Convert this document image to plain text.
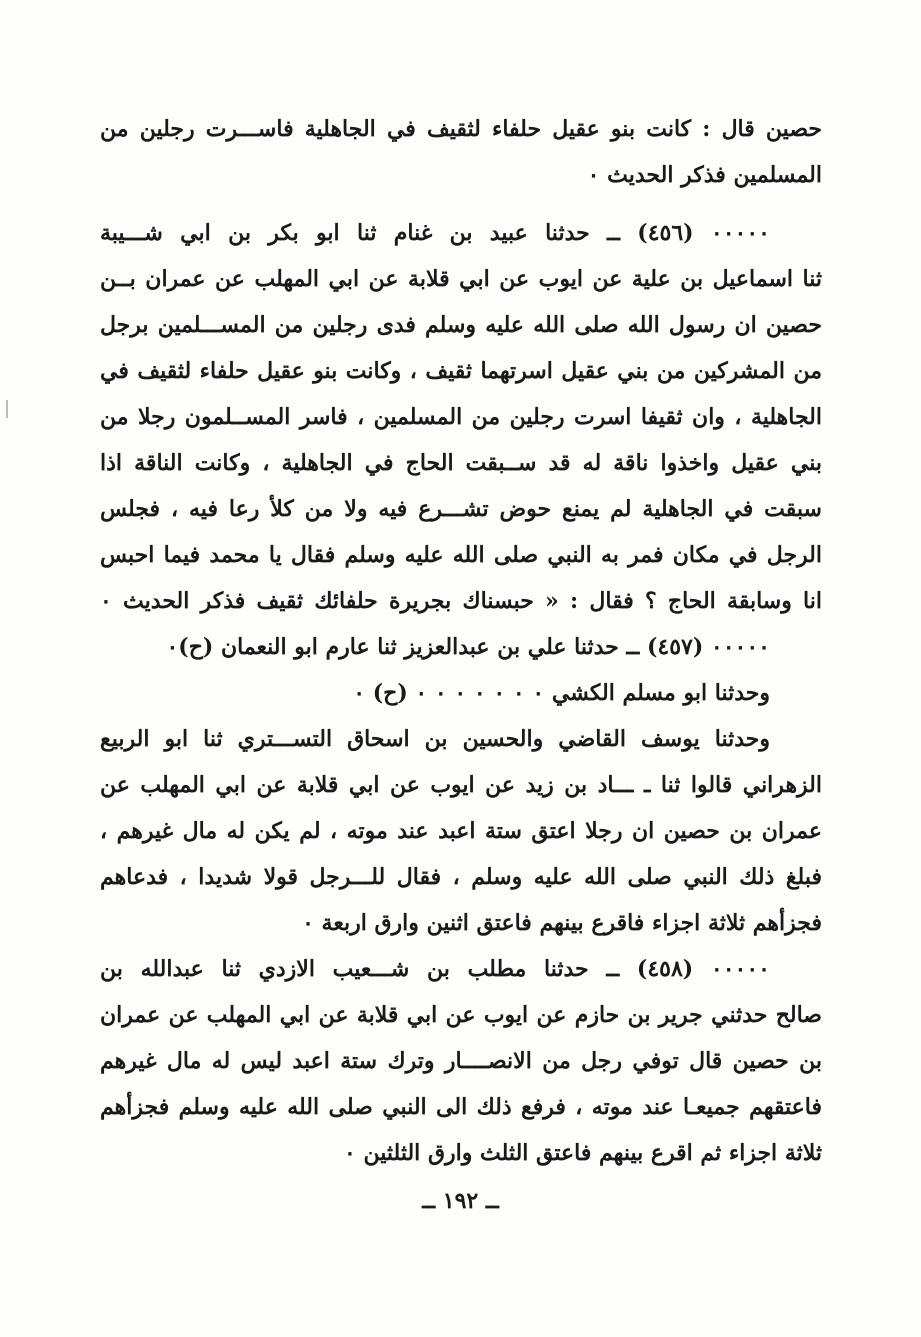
حصين قال : كانت بنو عقيل حلفاء لثقيف في الجاهلية فاســـرت رجلين من
المسلمين فذكر الحديث ٠
٠٠٠٠٠ (٤٥٦) ــ حدثنا عبيد بن غنام ثنا ابو بكر بن ابي شـــيبة
ثنا اسماعيل بن علية عن ايوب عن ابي قلابة عن ابي المهلب عن عمران بــن
حصين ان رسول الله صلى الله عليه وسلم فدى رجلين من المســـلمين برجل
من المشركين من بني عقيل اسرتهما ثقيف ، وكانت بنو عقيل حلفاء لثقيف في
الجاهلية ، وان ثقيفا اسرت رجلين من المسلمين ، فاسر المســلمون رجلا من
بني عقيل واخذوا ناقة له قد ســبقت الحاج في الجاهلية ، وكانت الناقة اذا
سبقت في الجاهلية لم يمنع حوض تشـــرع فيه ولا من كلأ رعا فيه ، فجلس
الرجل في مكان فمر به النبي صلى الله عليه وسلم فقال يا محمد فيما احبس
انا وسابقة الحاج ؟ فقال : « حبسناك بجريرة حلفائك ثقيف فذكر الحديث ٠
٠٠٠٠٠ (٤٥٧) ــ حدثنا علي بن عبدالعزيز ثنا عارم ابو النعمان (ح)٠
وحدثنا ابو مسلم الكشي ٠ ٠ ٠ ٠ ٠ ٠ ٠ (ح) ٠
وحدثنا يوسف القاضي والحسين بن اسحاق التســـتري ثنا ابو الربيع
الزهراني قالوا ثنا ـ ـــاد بن زيد عن ايوب عن ابي قلابة عن ابي المهلب عن
عمران بن حصين ان رجلا اعتق ستة اعبد عند موته ، لم يكن له مال غيرهم ،
فبلغ ذلك النبي صلى الله عليه وسلم ، فقال للـــرجل قولا شديدا ، فدعاهم
فجزأهم ثلاثة اجزاء فاقرع بينهم فاعتق اثنين وارق اربعة ٠
٠٠٠٠٠ (٤٥٨) ــ حدثنا مطلب بن شـــعيب الازدي ثنا عبدالله بن
صالح حدثني جرير بن حازم عن ايوب عن ابي قلابة عن ابي المهلب عن عمران
بن حصين قال توفي رجل من الانصــــار وترك ستة اعبد ليس له مال غيرهم
فاعتقهم جميعـا عند موته ، فرفع ذلك الى النبي صلى الله عليه وسلم فجزأهم
ثلاثة اجزاء ثم اقرع بينهم فاعتق الثلث وارق الثلثين ٠
ــ ١٩٢ ــ
